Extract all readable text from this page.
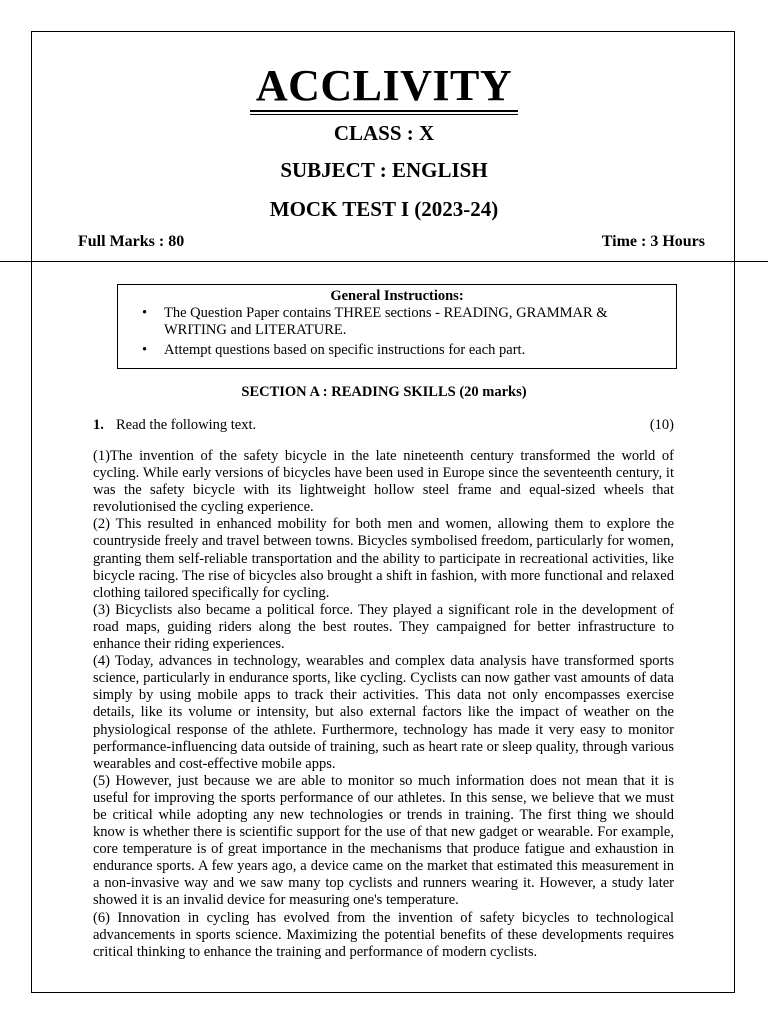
ACCLIVITY
CLASS : X
SUBJECT : ENGLISH
MOCK TEST I (2023-24)
Full Marks : 80	Time : 3 Hours
General Instructions:
• The Question Paper contains THREE sections - READING, GRAMMAR & WRITING and LITERATURE.
• Attempt questions based on specific instructions for each part.
SECTION A : READING SKILLS (20 marks)
1. Read the following text.	(10)

(1)The invention of the safety bicycle in the late nineteenth century transformed the world of cycling. While early versions of bicycles have been used in Europe since the seventeenth century, it was the safety bicycle with its lightweight hollow steel frame and equal-sized wheels that revolutionised the cycling experience.

(2) This resulted in enhanced mobility for both men and women, allowing them to explore the countryside freely and travel between towns. Bicycles symbolised freedom, particularly for women, granting them self-reliable transportation and the ability to participate in recreational activities, like bicycle racing. The rise of bicycles also brought a shift in fashion, with more functional and relaxed clothing tailored specifically for cycling.

(3) Bicyclists also became a political force. They played a significant role in the development of road maps, guiding riders along the best routes. They campaigned for better infrastructure to enhance their riding experiences.

(4) Today, advances in technology, wearables and complex data analysis have transformed sports science, particularly in endurance sports, like cycling. Cyclists can now gather vast amounts of data simply by using mobile apps to track their activities. This data not only encompasses exercise details, like its volume or intensity, but also external factors like the impact of weather on the physiological response of the athlete. Furthermore, technology has made it very easy to monitor performance-influencing data outside of training, such as heart rate or sleep quality, through various wearables and cost-effective mobile apps.

(5) However, just because we are able to monitor so much information does not mean that it is useful for improving the sports performance of our athletes. In this sense, we believe that we must be critical while adopting any new technologies or trends in training. The first thing we should know is whether there is scientific support for the use of that new gadget or wearable. For example, core temperature is of great importance in the mechanisms that produce fatigue and exhaustion in endurance sports. A few years ago, a device came on the market that estimated this measurement in a non-invasive way and we saw many top cyclists and runners wearing it. However, a study later showed it is an invalid device for measuring one's temperature.

(6) Innovation in cycling has evolved from the invention of safety bicycles to technological advancements in sports science. Maximizing the potential benefits of these developments requires critical thinking to enhance the training and performance of modern cyclists.
